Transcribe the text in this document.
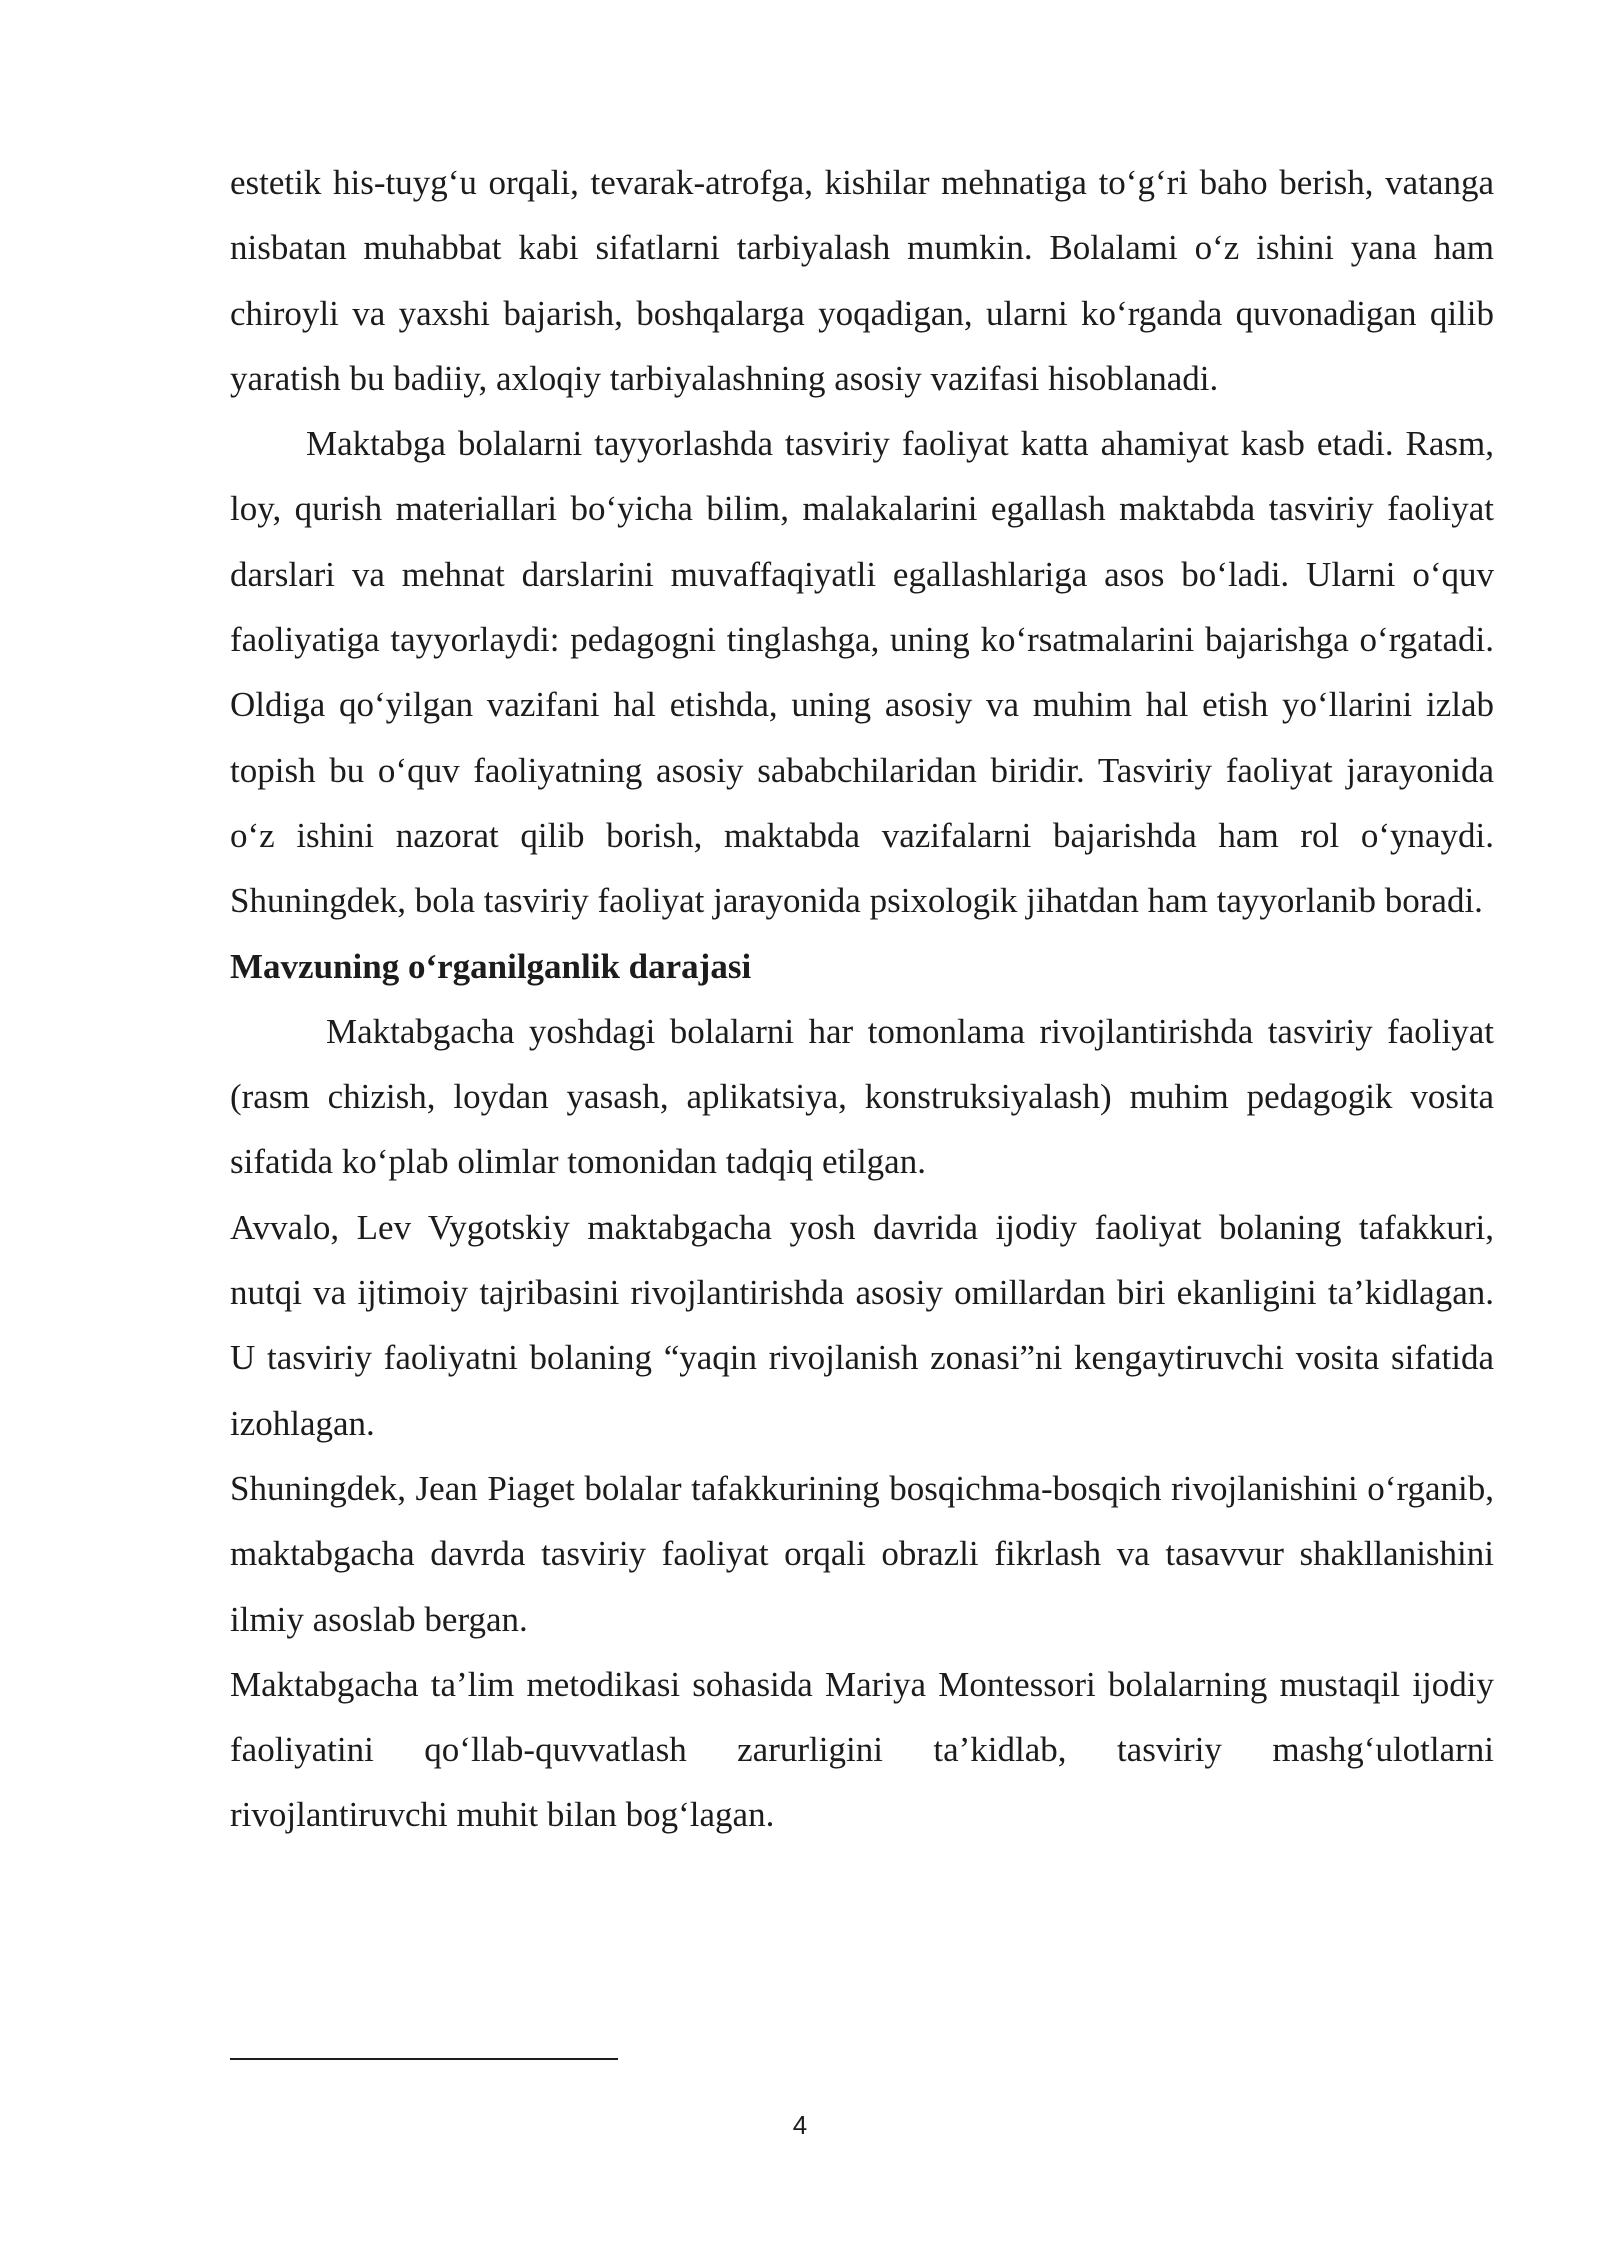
estetik his-tuyg‘u orqali, tevarak-atrofga, kishilar mehnatiga to‘g‘ri baho berish, vatanga nisbatan muhabbat kabi sifatlarni tarbiyalash mumkin. Bolalami o‘z ishini yana ham chiroyli va yaxshi bajarish, boshqalarga yoqadigan, ularni ko‘rganda quvonadigan qilib yaratish bu badiiy, axloqiy tarbiyalashning asosiy vazifasi hisoblanadi.

Maktabga bolalarni tayyorlashda tasviriy faoliyat katta ahamiyat kasb etadi. Rasm, loy, qurish materiallari bo‘yicha bilim, malakalarini egallash maktabda tasviriy faoliyat darslari va mehnat darslarini muvaffaqiyatli egallashlariga asos bo‘ladi. Ularni o‘quv faoliyatiga tayyorlaydi: pedagogni tinglashga, uning ko‘rsatmalarini bajarishga o‘rgatadi. Oldiga qo‘yilgan vazifani hal etishda, uning asosiy va muhim hal etish yo‘llarini izlab topish bu o‘quv faoliyatning asosiy sababchilaridan biridir. Tasviriy faoliyat jarayonida o‘z ishini nazorat qilib borish, maktabda vazifalarni bajarishda ham rol o‘ynaydi. Shuningdek, bola tasviriy faoliyat jarayonida psixologik jihatdan ham tayyorlanib boradi.

Mavzuning o‘rganilganlik darajasi

Maktabgacha yoshdagi bolalarni har tomonlama rivojlantirishda tasviriy faoliyat (rasm chizish, loydan yasash, aplikatsiya, konstruksiyalash) muhim pedagogik vosita sifatida ko‘plab olimlar tomonidan tadqiq etilgan.

Avvalo, Lev Vygotskiy maktabgacha yosh davrida ijodiy faoliyat bolaning tafakkuri, nutqi va ijtimoiy tajribasini rivojlantirishda asosiy omillardan biri ekanligini ta’kidlagan. U tasviriy faoliyatni bolaning “yaqin rivojlanish zonasi”ni kengaytiruvchi vosita sifatida izohlagan.

Shuningdek, Jean Piaget bolalar tafakkurining bosqichma-bosqich rivojlanishini o‘rganib, maktabgacha davrda tasviriy faoliyat orqali obrazli fikrlash va tasavvur shakllanishini ilmiy asoslab bergan.

Maktabgacha ta’lim metodikasi sohasida Mariya Montessori bolalarning mustaqil ijodiy faoliyatini qo‘llab-quvvatlash zarurligini ta’kidlab, tasviriy mashg‘ulotlarni rivojlantiruvchi muhit bilan bog‘lagan.

4
